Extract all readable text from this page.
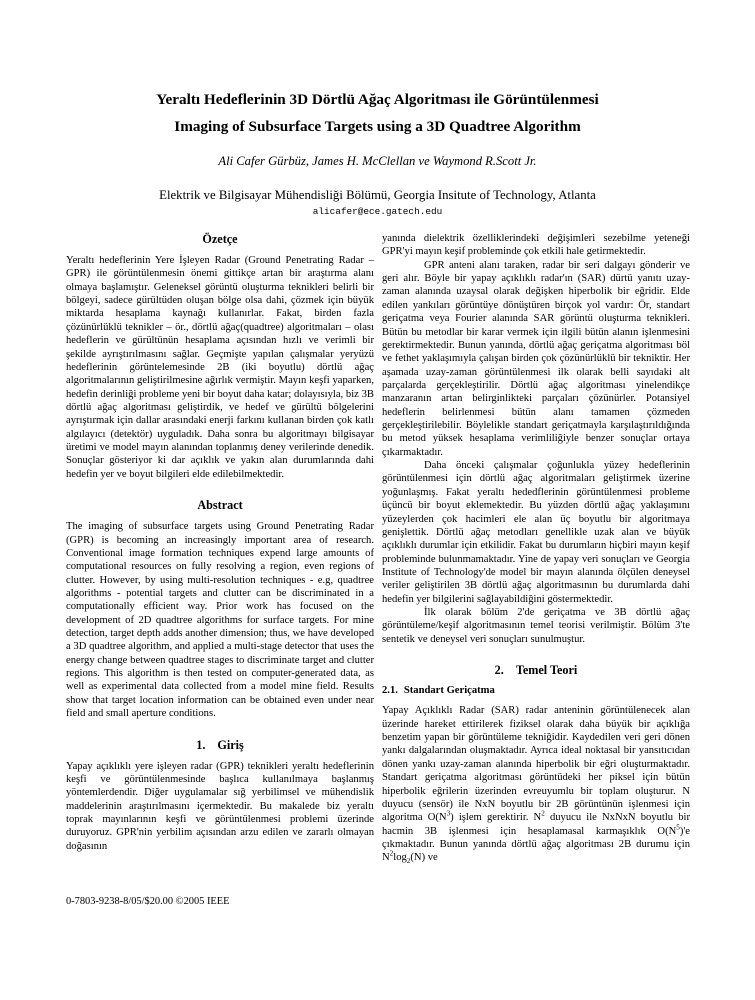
Yeraltı Hedeflerinin 3D Dörtlü Ağaç Algoritması ile Görüntülenmesi
Imaging of Subsurface Targets using a 3D Quadtree Algorithm
Ali Cafer Gürbüz, James H. McClellan ve Waymond R.Scott Jr.
Elektrik ve Bilgisayar Mühendisliği Bölümü, Georgia Insitute of Technology, Atlanta
alicafer@ece.gatech.edu
Özetçe

Yeraltı hedeflerinin Yere İşleyen Radar (Ground Penetrating Radar – GPR) ile görüntülenmesin önemi gittikçe artan bir araştırma alanı olmaya başlamıştır. Geleneksel görüntü oluşturma teknikleri belirli bir bölgeyi, sadece gürültüden oluşan bölge olsa dahi, çözmek için büyük miktarda hesaplama kaynağı kullanırlar. Fakat, birden fazla çözünürlüklü teknikler – ör., dörtlü ağaç(quadtree) algoritmaları – olası hedeflerin ve gürültünün hesaplama açısından hızlı ve verimli bir şekilde ayrıştırılmasını sağlar. Geçmişte yapılan çalışmalar yeryüzü hedeflerinin görüntelemesinde 2B (iki boyutlu) dörtlü ağaç algoritmalarının geliştirilmesine ağırlık vermiştir. Mayın keşfi yaparken, hedefin derinliği probleme yeni bir boyut daha katar; dolayısıyla, biz 3B dörtlü ağaç algoritması geliştirdik, ve hedef ve gürültü bölgelerini ayrıştırmak için dallar arasındaki enerji farkını kullanan birden çok katlı algılayıcı (detektör) uyguladık. Daha sonra bu algoritmayı bilgisayar üretimi ve model mayın alanından toplanmış deney verilerinde denedik. Sonuçlar gösteriyor ki dar açıklık ve yakın alan durumlarında dahi hedefin yer ve boyut bilgileri elde edilebilmektedir.

Abstract

The imaging of subsurface targets using Ground Penetrating Radar (GPR) is becoming an increasingly important area of research. Conventional image formation techniques expend large amounts of computational resources on fully resolving a region, even regions of clutter. However, by using multi-resolution techniques - e.g, quadtree algorithms - potential targets and clutter can be discriminated in a computationally efficient way. Prior work has focused on the development of 2D quadtree algorithms for surface targets. For mine detection, target depth adds another dimension; thus, we have developed a 3D quadtree algorithm, and applied a multi-stage detector that uses the energy change between quadtree stages to discriminate target and clutter regions. This algorithm is then tested on computer-generated data, as well as experimental data collected from a model mine field. Results show that target location information can be obtained even under near field and small aperture conditions.

1. Giriş

Yapay açıklıklı yere işleyen radar (GPR) teknikleri yeraltı hedeflerinin keşfi ve görüntülenmesinde başlıca kullanılmaya başlanmış yöntemlerdendir. Diğer uygulamalar sığ yerbilimsel ve mühendislik maddelerinin araştırılmasını içermektedir. Bu makalede biz yeraltı toprak mayınlarının keşfi ve görüntülenmesi problemi üzerinde duruyoruz. GPR'nin yerbilim açısından arzu edilen ve zararlı olmayan doğasının

yanında dielektrik özelliklerindeki değişimleri sezebilme yeteneği GPR'yi mayın keşif probleminde çok etkili hale getirmektedir.

GPR anteni alanı taraken, radar bir seri dalgayı gönderir ve geri alır. Böyle bir yapay açıklıklı radar'ın (SAR) dürtü yanıtı uzay-zaman alanında uzaysal olarak değişken hiperbolik bir eğridir. Elde edilen yankıları görüntüye dönüştüren birçok yol vardır: Ör, standart geriçatma veya Fourier alanında SAR görüntü oluşturma teknikleri. Bütün bu metodlar bir karar vermek için ilgili bütün alanın işlenmesini gerektirmektedir. Bunun yanında, dörtlü ağaç geriçatma algoritması böl ve fethet yaklaşımıyla çalışan birden çok çözünürlüklü bir tekniktir. Her aşamada uzay-zaman görüntülenmesi ilk olarak belli sayıdaki alt parçalarda gerçekleştirilir. Dörtlü ağaç algoritması yinelendikçe manzaranın artan belirginlikteki parçaları çözünürler. Potansiyel hedeflerin belirlenmesi bütün alanı tamamen çözmeden gerçekleştirilebilir. Böylelikle standart geriçatmayla karşılaştırıldığında bu metod yüksek hesaplama verimliliğiyle benzer sonuçlar ortaya çıkarmaktadır.

Daha önceki çalışmalar çoğunlukla yüzey hedeflerinin görüntülenmesi için dörtlü ağaç algoritmaları geliştirmek üzerine yoğunlaşmış. Fakat yeraltı hededflerinin görüntülenmesi probleme üçüncü bir boyut eklemektedir. Bu yüzden dörtlü ağaç yaklaşımını yüzeylerden çok hacimleri ele alan üç boyutlu bir algoritmaya genişlettik. Dörtlü ağaç metodları genellikle uzak alan ve büyük açıklıklı durumlar için etkilidir. Fakat bu durumların hiçbiri mayın keşif probleminde bulunmamaktadır. Yine de yapay veri sonuçları ve Georgia Institute of Technology'de model bir mayın alanında ölçülen deneysel veriler geliştirilen 3B dörtlü ağaç algoritmasının bu durumlarda dahi hedefin yer bilgilerini sağlayabildiğini göstermektedir.

İlk olarak bölüm 2'de geriçatma ve 3B dörtlü ağaç görüntüleme/keşif algoritmasının temel teorisi verilmiştir. Bölüm 3'te sentetik ve deneysel veri sonuçları sunulmuştur.

2. Temel Teori
2.1. Standart Geriçatma

Yapay Açıklıklı Radar (SAR) radar anteninin görüntülenecek alan üzerinde hareket ettirilerek fiziksel olarak daha büyük bir açıklığa benzetim yapan bir görüntüleme tekniğidir. Kaydedilen veri geri dönen yankı dalgalarından oluşmaktadır. Ayrıca ideal noktasal bir yansıtıcıdan dönen yankı uzay-zaman alanında hiperbolik bir eğri oluşturmaktadır. Standart geriçatma algoritması görüntüdeki her piksel için bütün hiperbolik eğrilerin üzerinden evreuyumlu bir toplam oluşturur. N duyucu (sensör) ile NxN boyutlu bir 2B görüntünün işlenmesi için algoritma $O(N^3)$ işlem gerektirir. $N^2$ duyucu ile NxNxN boyutlu bir hacmin 3B işlenmesi için hesaplamasal karmaşıklık $O(N^5)'e$ çıkmaktadır. Bunun yanında dörtlü ağaç algoritması 2B durumu için $N^2\log_2(N)$ ve

0-7803-9238-8/05/$20.00 ©2005 IEEE
